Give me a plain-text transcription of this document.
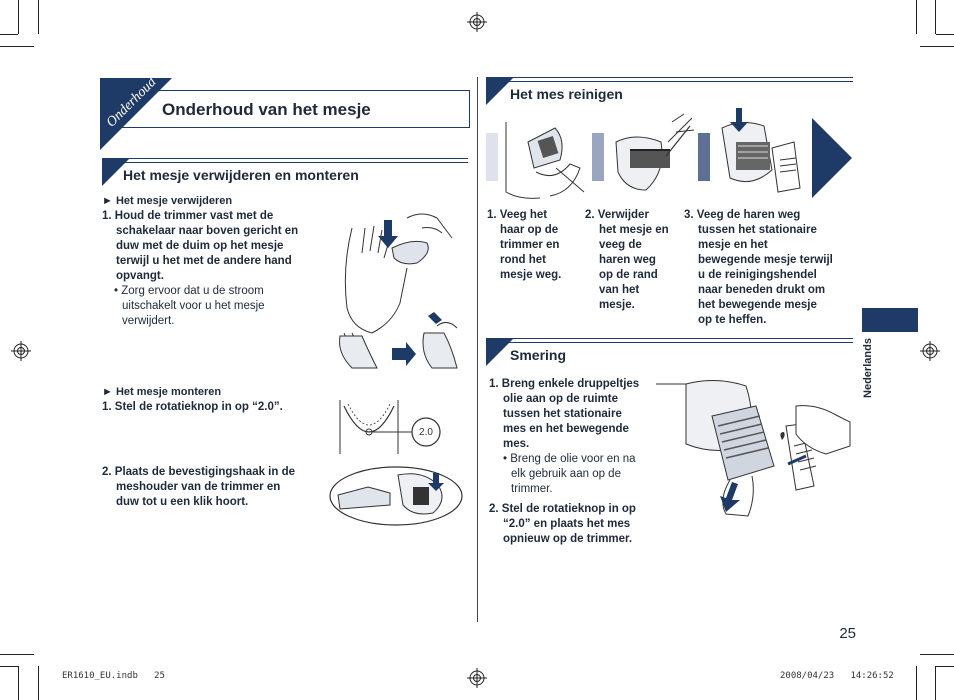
Onderhoud Onderhoud van het mesje
Het mesje verwijderen en monteren
► Het mesje verwijderen
1. Houd de trimmer vast met de
schakelaar naar boven gericht en
duw met de duim op het mesje
terwijl u het met de andere hand
opvangt.
• Zorg ervoor dat u de stroom
uitschakelt voor u het mesje
verwijdert.
► Het mesje monteren
1. Stel de rotatieknop in op “2.0”.
2.0
2. Plaats de bevestigingshaak in de
meshouder van de trimmer en
duw tot u een klik hoort.
Het mes reinigen
1. Veeg het
haar op de
trimmer en
rond het
mesje weg.
2. Verwijder
het mesje en
veeg de
haren weg
op de rand
van het
mesje.
3. Veeg de haren weg
tussen het stationaire
mesje en het
bewegende mesje terwijl
u de reinigingshendel
naar beneden drukt om
het bewegende mesje
op te heffen.
Smering
1. Breng enkele druppeltjes
olie aan op de ruimte
tussen het stationaire
mes en het bewegende
mes.
• Breng de olie voor en na
elk gebruik aan op de
trimmer.
2. Stel de rotatieknop in op
“2.0” en plaats het mes
opnieuw op de trimmer.
Nederlands
25
ER1610_EU.indb   25	2008/04/23   14:26:52
